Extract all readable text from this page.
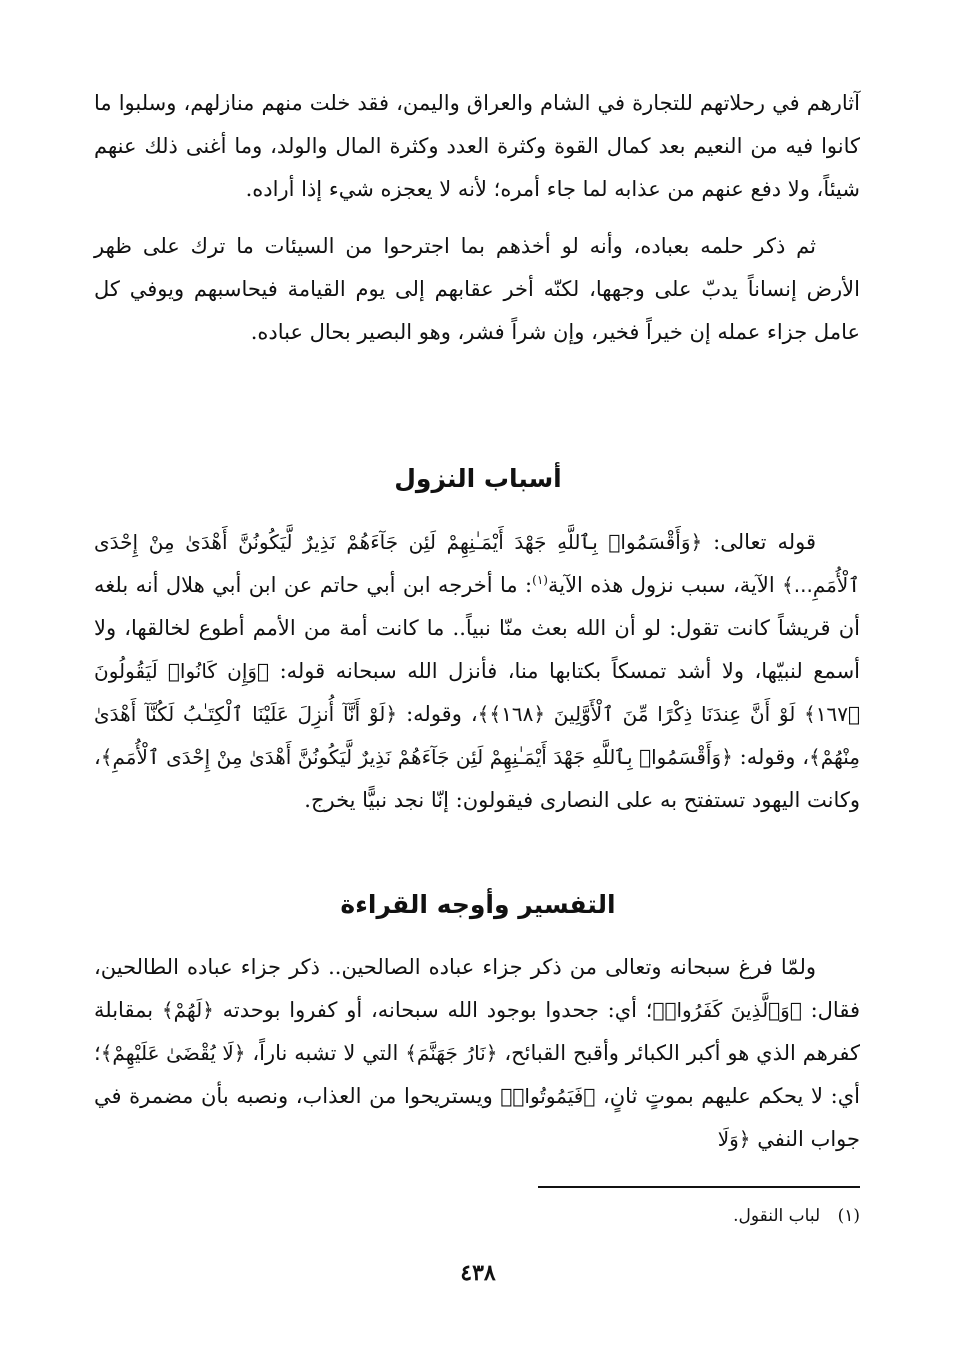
آثارهم في رحلاتهم للتجارة في الشام والعراق واليمن، فقد خلت منهم منازلهم، وسلبوا ما كانوا فيه من النعيم بعد كمال القوة وكثرة العدد وكثرة المال والولد، وما أغنى ذلك عنهم شيئاً، ولا دفع عنهم من عذابه لما جاء أمره؛ لأنه لا يعجزه شيء إذا أراده.

ثم ذكر حلمه بعباده، وأنه لو أخذهم بما اجترحوا من السيئات ما ترك على ظهر الأرض إنساناً يدبّ على وجهها، لكنّه أخر عقابهم إلى يوم القيامة فيحاسبهم ويوفي كل عامل جزاء عمله إن خيراً فخير، وإن شراً فشر، وهو البصير بحال عباده.

أسباب النزول

قوله تعالى: ﴿وَأَقْسَمُوا۟ بِٱللَّهِ جَهْدَ أَيْمَـٰنِهِمْ لَئِن جَآءَهُمْ نَذِيرٌ لَّيَكُونُنَّ أَهْدَىٰ مِنْ إِحْدَى ٱلْأُمَمِ...﴾ الآية، سبب نزول هذه الآية$^{(١)}$: ما أخرجه ابن أبي حاتم عن ابن أبي هلال أنه بلغه أن قريشاً كانت تقول: لو أن الله بعث منّا نبياً.. ما كانت أمة من الأمم أطوع لخالقها، ولا أسمع لنبيّها، ولا أشد تمسكاً بكتابها منا، فأنزل الله سبحانه قوله: ﴿وَإِن كَانُوا۟ لَيَقُولُونَ ﴿١٦٧﴾ لَوْ أَنَّ عِندَنَا ذِكْرًا مِّنَ ٱلْأَوَّلِينَ ﴿١٦٨﴾﴾، وقوله: ﴿لَوْ أَنَّآ أُنزِلَ عَلَيْنَا ٱلْكِتَـٰبُ لَكُنَّآ أَهْدَىٰ مِنْهُمْ﴾، وقوله: ﴿وَأَقْسَمُوا۟ بِٱللَّهِ جَهْدَ أَيْمَـٰنِهِمْ لَئِن جَآءَهُمْ نَذِيرٌ لَّيَكُونُنَّ أَهْدَىٰ مِنْ إِحْدَى ٱلْأُمَمِ﴾، وكانت اليهود تستفتح به على النصارى فيقولون: إنّا نجد نبيًّا يخرج.

التفسير وأوجه القراءة

ولمّا فرغ سبحانه وتعالى من ذكر جزاء عباده الصالحين.. ذكر جزاء عباده الطالحين، فقال: ﴿وَٱلَّذِينَ كَفَرُوا۟﴾؛ أي: جحدوا بوجود الله سبحانه، أو كفروا بوحدته ﴿لَهُمْ﴾ بمقابلة كفرهم الذي هو أكبر الكبائر وأقبح القبائح، ﴿نَارُ جَهَنَّمَ﴾ التي لا تشبه ناراً، ﴿لَا يُقْضَىٰ عَلَيْهِمْ﴾؛ أي: لا يحكم عليهم بموتٍ ثانٍ، ﴿فَيَمُوتُوا۟﴾ ويستريحوا من العذاب، ونصبه بأن مضمرة في جواب النفي ﴿وَلَا

(١) لباب النقول.
٤٣٨
